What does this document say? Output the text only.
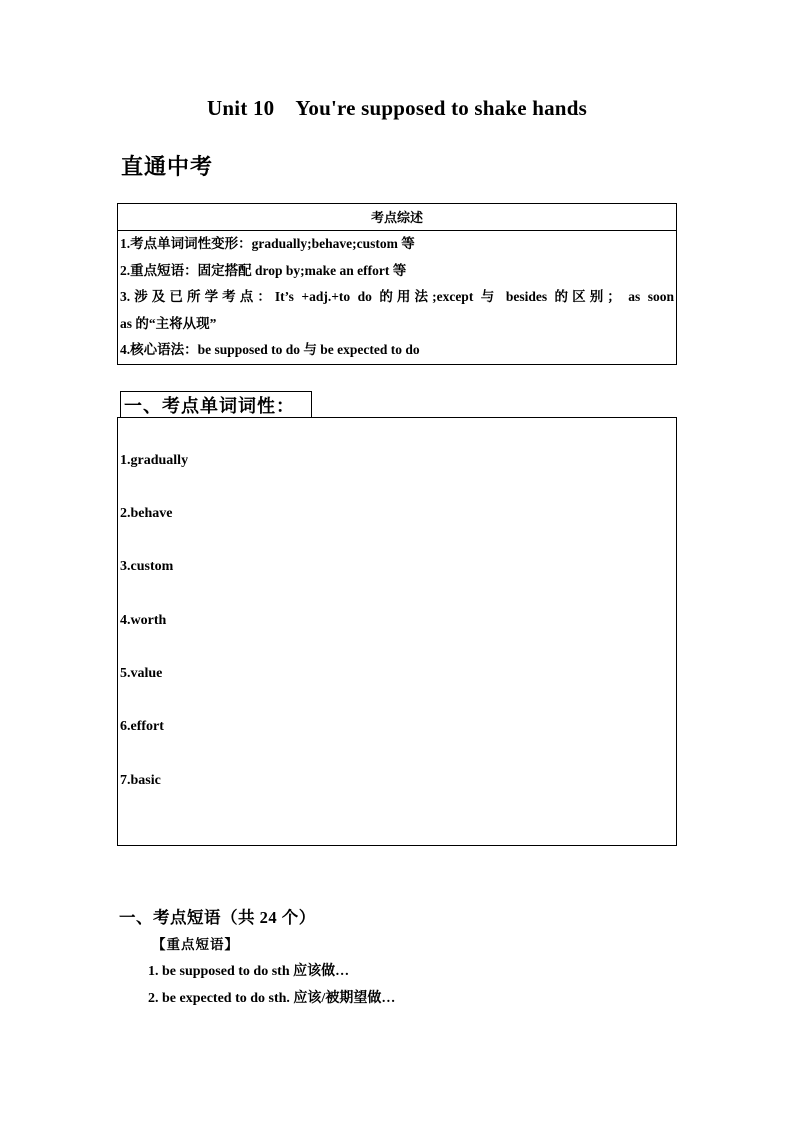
Unit 10    You're supposed to shake hands
直通中考
考点综述
1.考点单词词性变形：gradually;behave;custom 等
2.重点短语：固定搭配 drop by;make an effort 等
3.涉及已所学考点：It’s +adj.+to do 的用法;except 与 besides 的区别； as soon
as 的“主将从现”
4.核心语法：be supposed to do 与 be expected to do
一、考点单词词性：
1.gradually
2.behave
3.custom
4.worth
5.value
6.effort
7.basic
一、考点短语（共 24 个）
【重点短语】
1. be supposed to do sth 应该做…
2. be expected to do sth. 应该/被期望做…
